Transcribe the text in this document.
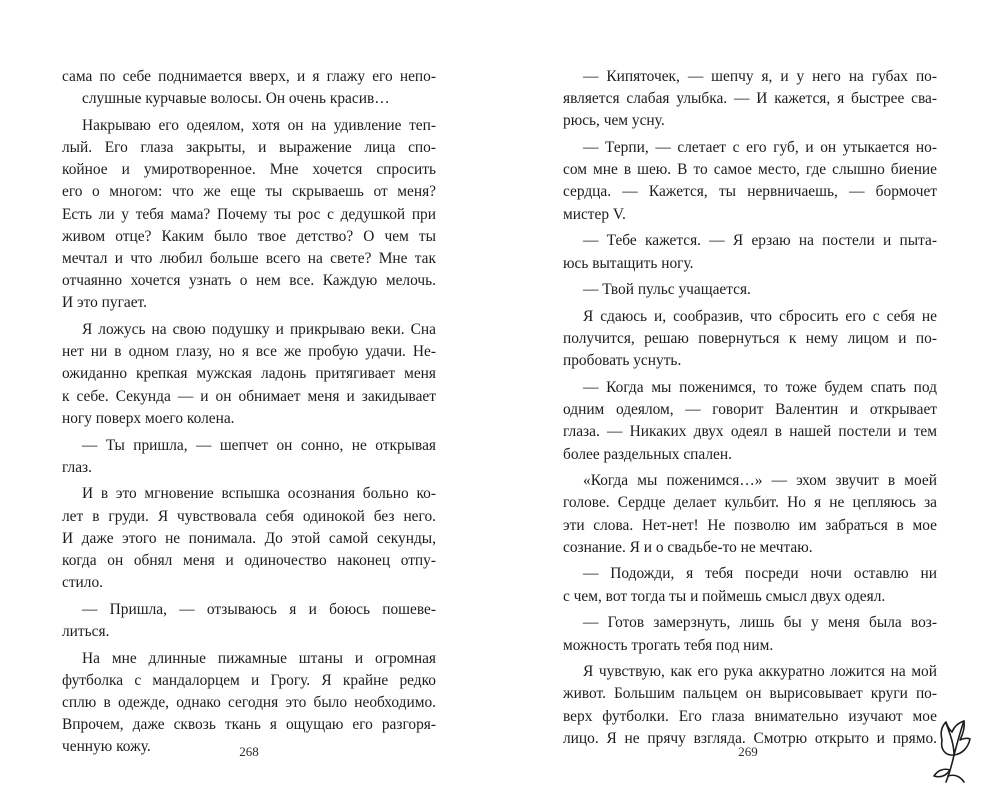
сама по себе поднимается вверх, и я глажу его непо-
слушные курчавые волосы. Он очень красив…
Накрываю его одеялом, хотя он на удивление теп-
лый. Его глаза закрыты, и выражение лица спо-
койное и умиротворенное. Мне хочется спросить
его о многом: что же еще ты скрываешь от меня?
Есть ли у тебя мама? Почему ты рос с дедушкой при
живом отце? Каким было твое детство? О чем ты
мечтал и что любил больше всего на свете? Мне так
отчаянно хочется узнать о нем все. Каждую мелочь.
И это пугает.
Я ложусь на свою подушку и прикрываю веки. Сна
нет ни в одном глазу, но я все же пробую удачи. Не-
ожиданно крепкая мужская ладонь притягивает меня
к себе. Секунда — и он обнимает меня и закидывает
ногу поверх моего колена.
— Ты пришла, — шепчет он сонно, не открывая
глаз.
И в это мгновение вспышка осознания больно ко-
лет в груди. Я чувствовала себя одинокой без него.
И даже этого не понимала. До этой самой секунды,
когда он обнял меня и одиночество наконец отпу-
стило.
— Пришла, — отзываюсь я и боюсь пошеве-
литься.
На мне длинные пижамные штаны и огромная
футболка с мандалорцем и Грогу. Я крайне редко
сплю в одежде, однако сегодня это было необходимо.
Впрочем, даже сквозь ткань я ощущаю его разгоря-
ченную кожу.
— Кипяточек, — шепчу я, и у него на губах по-
является слабая улыбка. — И кажется, я быстрее сва-
рюсь, чем усну.
— Терпи, — слетает с его губ, и он утыкается но-
сом мне в шею. В то самое место, где слышно биение
сердца. — Кажется, ты нервничаешь, — бормочет
мистер V.
— Тебе кажется. — Я ерзаю на постели и пыта-
юсь вытащить ногу.
— Твой пульс учащается.
Я сдаюсь и, сообразив, что сбросить его с себя не
получится, решаю повернуться к нему лицом и по-
пробовать уснуть.
— Когда мы поженимся, то тоже будем спать под
одним одеялом, — говорит Валентин и открывает
глаза. — Никаких двух одеял в нашей постели и тем
более раздельных спален.
«Когда мы поженимся…» — эхом звучит в моей
голове. Сердце делает кульбит. Но я не цепляюсь за
эти слова. Нет-нет! Не позволю им забраться в мое
сознание. Я и о свадьбе-то не мечтаю.
— Подожди, я тебя посреди ночи оставлю ни
с чем, вот тогда ты и поймешь смысл двух одеял.
— Готов замерзнуть, лишь бы у меня была воз-
можность трогать тебя под ним.
Я чувствую, как его рука аккуратно ложится на мой
живот. Большим пальцем он вырисовывает круги по-
верх футболки. Его глаза внимательно изучают мое
лицо. Я не прячу взгляда. Смотрю открыто и прямо.
268	269
